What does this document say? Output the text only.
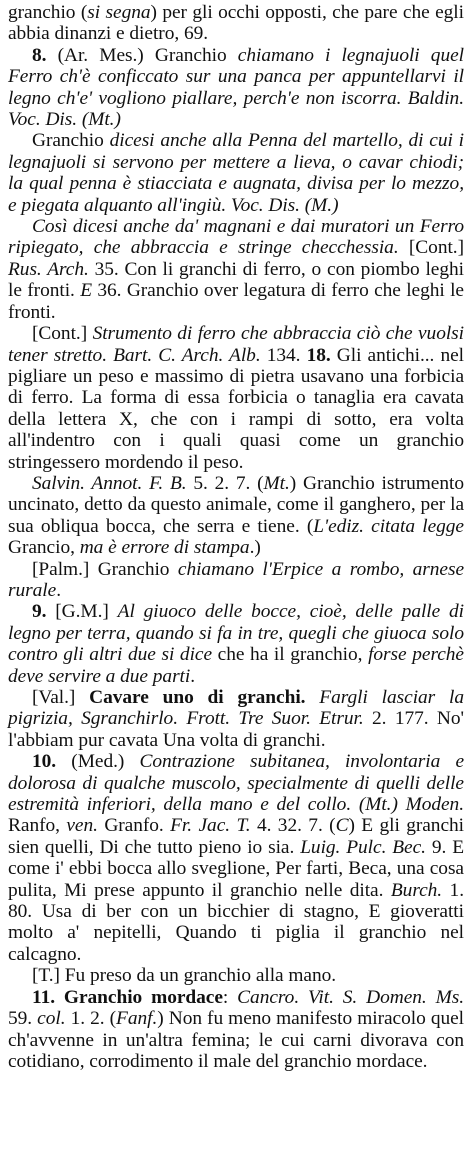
granchio (si segna) per gli occhi opposti, che pare che egli abbia dinanzi e dietro, 69.

8. (Ar. Mes.) Granchio chiamano i legnajuoli quel Ferro ch'è conficcato sur una panca per appuntellarvi il legno ch'e' vogliono piallare, perch'e non iscorra. Baldin. Voc. Dis. (Mt.)

Granchio dicesi anche alla Penna del martello, di cui i legnajuoli si servono per mettere a lieva, o cavar chiodi; la qual penna è stiacciata e augnata, divisa per lo mezzo, e piegata alquanto all'ingiù. Voc. Dis. (M.)

Così dicesi anche da' magnani e dai muratori un Ferro ripiegato, che abbraccia e stringe checchessia. [Cont.] Rus. Arch. 35. Con li granchi di ferro, o con piombo leghi le fronti. E 36. Granchio over legatura di ferro che leghi le fronti.

[Cont.] Strumento di ferro che abbraccia ciò che vuolsi tener stretto. Bart. C. Arch. Alb. 134. 18. Gli antichi... nel pigliare un peso e massimo di pietra usavano una forbicia di ferro. La forma di essa forbicia o tanaglia era cavata della lettera X, che con i rampi di sotto, era volta all'indentro con i quali quasi come un granchio stringessero mordendo il peso.

Salvin. Annot. F. B. 5. 2. 7. (Mt.) Granchio istrumento uncinato, detto da questo animale, come il ganghero, per la sua obliqua bocca, che serra e tiene. (L'ediz. citata legge Grancio, ma è errore di stampa.)

[Palm.] Granchio chiamano l'Erpice a rombo, arnese rurale.

9. [G.M.] Al giuoco delle bocce, cioè, delle palle di legno per terra, quando si fa in tre, quegli che giuoca solo contro gli altri due si dice che ha il granchio, forse perchè deve servire a due parti.

[Val.] Cavare uno di granchi. Fargli lasciar la pigrizia, Sgranchirlo. Frott. Tre Suor. Etrur. 2. 177. No' l'abbiam pur cavata Una volta di granchi.

10. (Med.) Contrazione subitanea, involontaria e dolorosa di qualche muscolo, specialmente di quelli delle estremità inferiori, della mano e del collo. (Mt.) Moden. Ranfo, ven. Granfo. Fr. Jac. T. 4. 32. 7. (C) E gli granchi sien quelli, Di che tutto pieno io sia. Luig. Pulc. Bec. 9. E come i' ebbi bocca allo sveglione, Per farti, Beca, una cosa pulita, Mi prese appunto il granchio nelle dita. Burch. 1. 80. Usa di ber con un bicchier di stagno, E gioveratti molto a' nepitelli, Quando ti piglia il granchio nel calcagno.

[T.] Fu preso da un granchio alla mano.

11. Granchio mordace: Cancro. Vit. S. Domen. Ms. 59. col. 1. 2. (Fanf.) Non fu meno manifesto miracolo quel ch'avvenne in un'altra femina; le cui carni divorava con cotidiano, corrodimento il male del granchio mordace.
